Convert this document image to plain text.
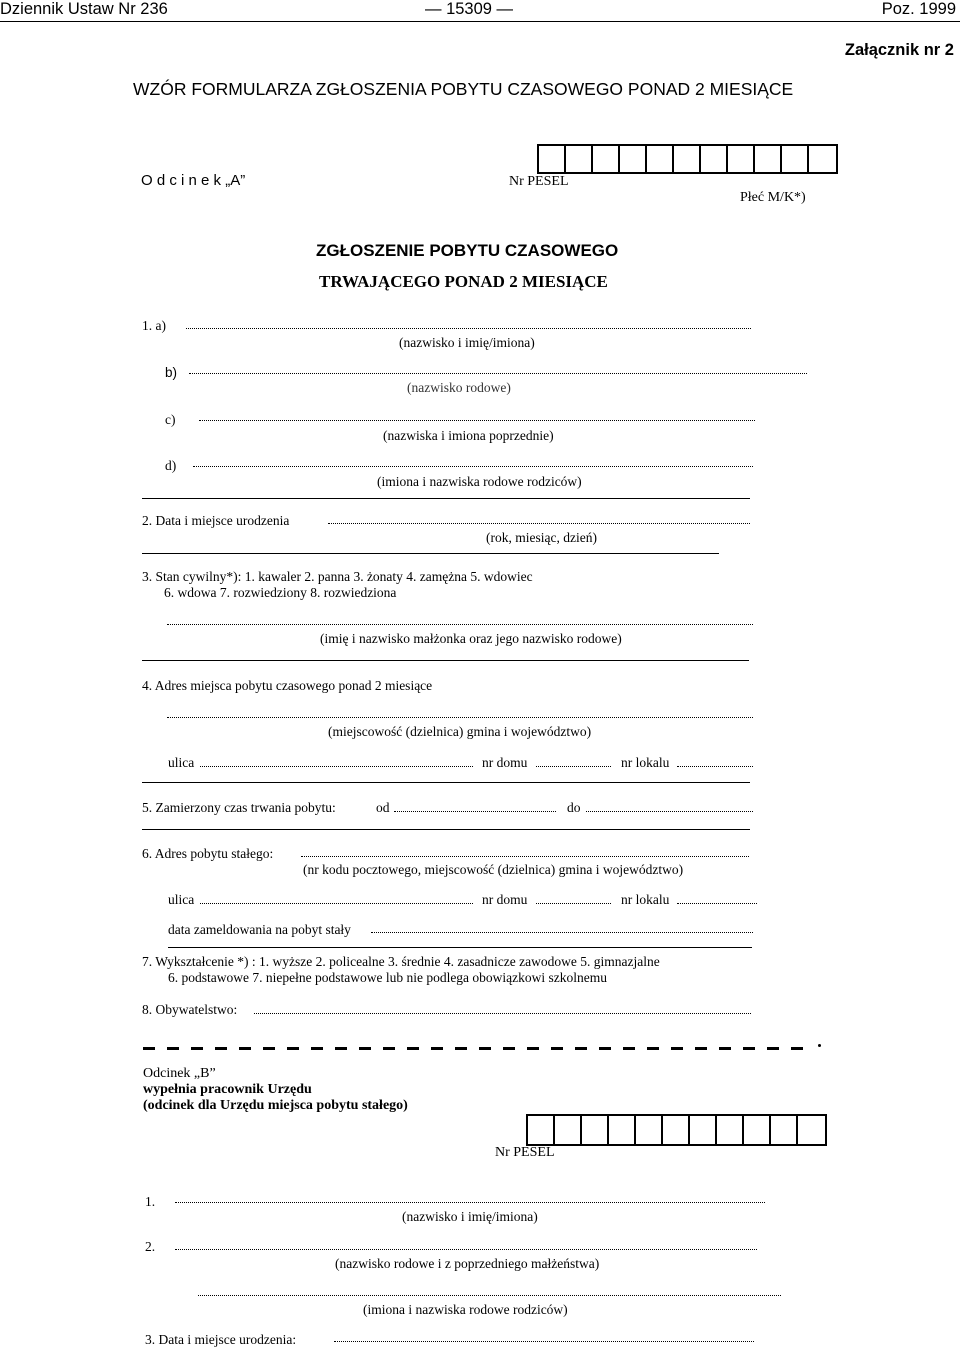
Dziennik Ustaw Nr 236	— 15309 —	Poz. 1999
Załącznik nr 2
WZÓR FORMULARZA ZGŁOSZENIA POBYTU CZASOWEGO PONAD 2 MIESIĄCE
O d c i n e k „A”	Nr PESEL
Płeć M/K*)
ZGŁOSZENIE POBYTU CZASOWEGO
TRWAJĄCEGO PONAD 2 MIESIĄCE
1. a)
(nazwisko i imię/imiona)
b)
(nazwisko rodowe)
c)
(nazwiska i imiona poprzednie)
d)
(imiona i nazwiska rodowe rodziców)
2. Data i miejsce urodzenia
(rok, miesiąc, dzień)
3. Stan cywilny*): 1. kawaler 2. panna 3. żonaty 4. zamężna 5. wdowiec
6. wdowa 7. rozwiedziony 8. rozwiedziona
(imię i nazwisko małżonka oraz jego nazwisko rodowe)
4. Adres miejsca pobytu czasowego ponad 2 miesiące
(miejscowość (dzielnica) gmina i województwo)
ulica	nr domu	nr lokalu
5. Zamierzony czas trwania pobytu:	od	do
6. Adres pobytu stałego:
(nr kodu pocztowego, miejscowość (dzielnica) gmina i województwo)
ulica	nr domu	nr lokalu
data zameldowania na pobyt stały
7. Wykształcenie *) : 1. wyższe 2. policealne 3. średnie 4. zasadnicze zawodowe 5. gimnazjalne
6. podstawowe 7. niepełne podstawowe lub nie podlega obowiązkowi szkolnemu
8. Obywatelstwo:
Odcinek „B”
wypełnia pracownik Urzędu
(odcinek dla Urzędu miejsca pobytu stałego)
Nr PESEL
1.
(nazwisko i imię/imiona)
2.
(nazwisko rodowe i z poprzedniego małżeństwa)
(imiona i nazwiska rodowe rodziców)
3. Data i miejsce urodzenia:
